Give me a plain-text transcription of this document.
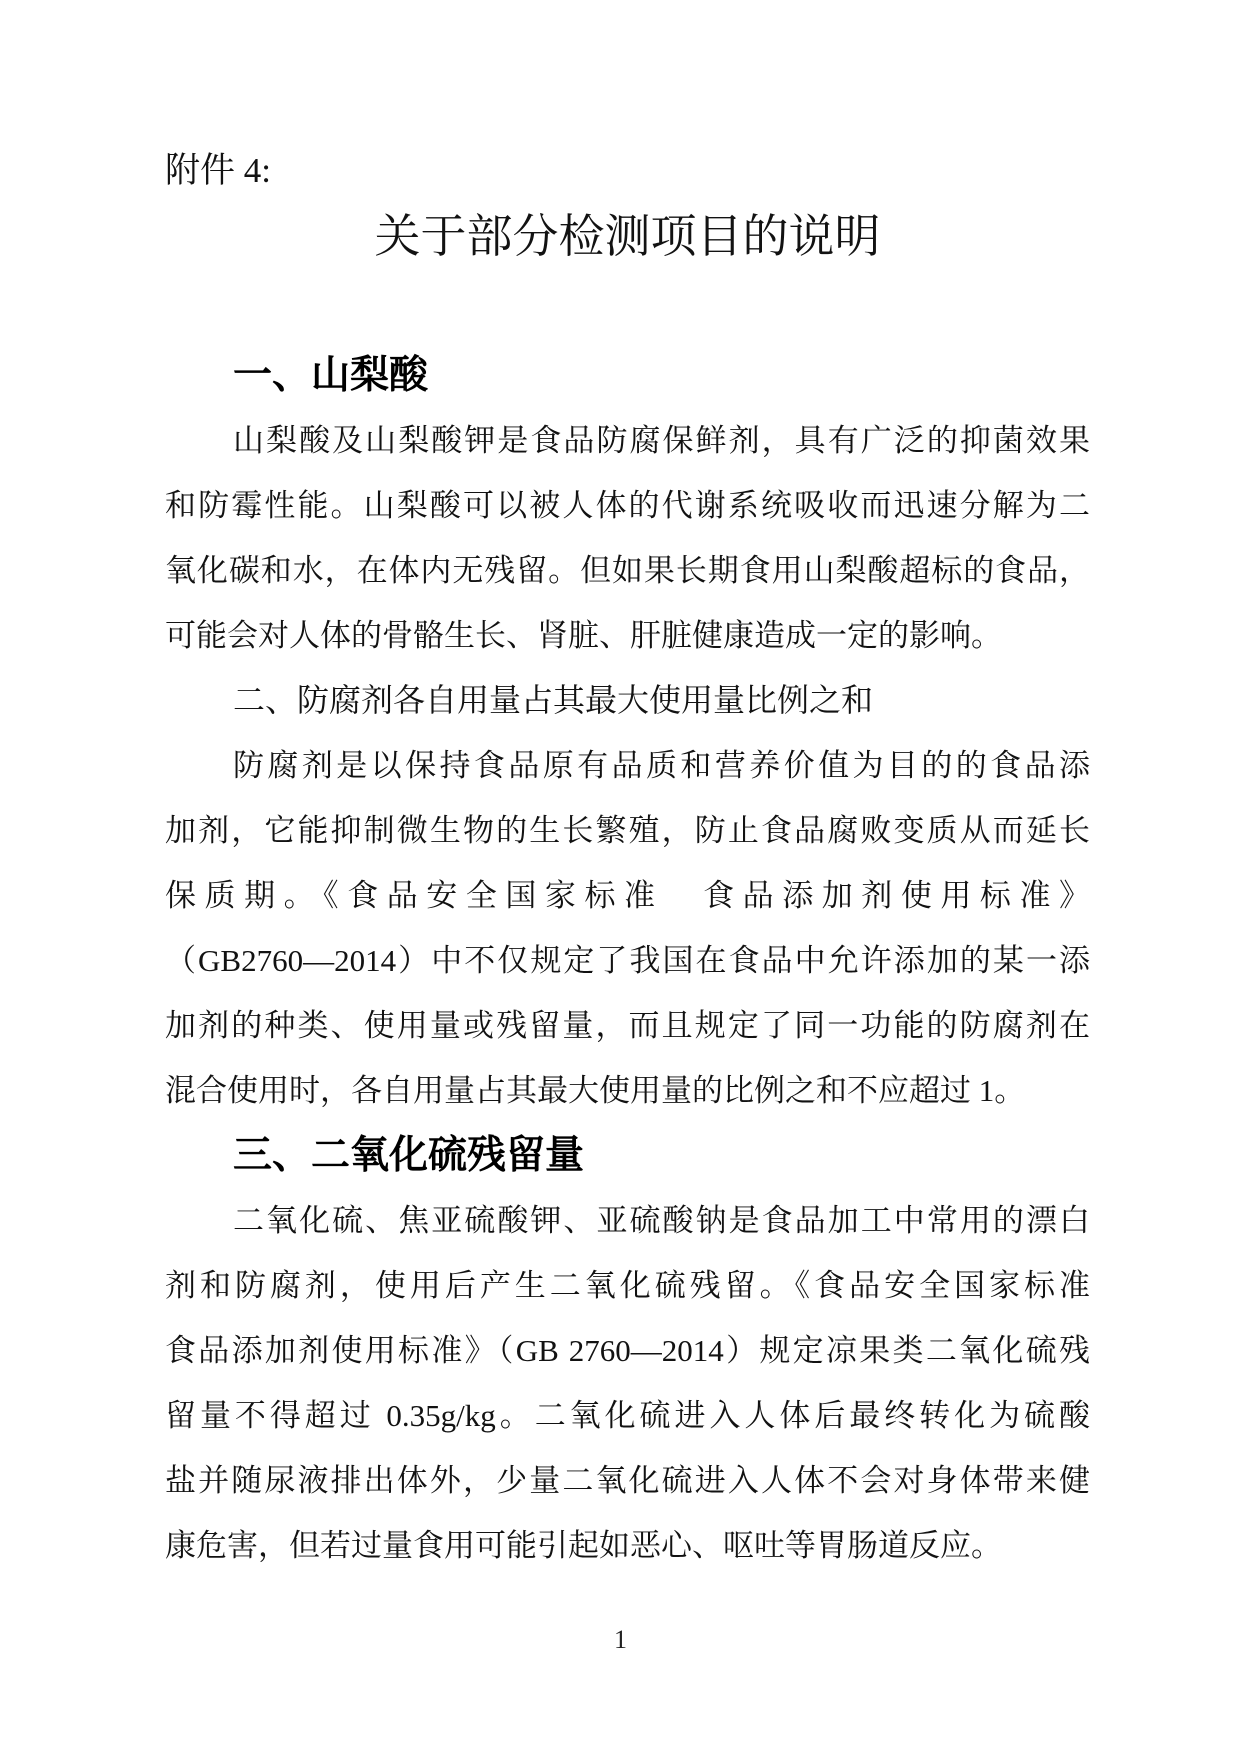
附件 4:
关于部分检测项目的说明
一、山梨酸
山梨酸及山梨酸钾是食品防腐保鲜剂，具有广泛的抑菌效果
和防霉性能。山梨酸可以被人体的代谢系统吸收而迅速分解为二
氧化碳和水，在体内无残留。但如果长期食用山梨酸超标的食品，
可能会对人体的骨骼生长、肾脏、肝脏健康造成一定的影响。
二、防腐剂各自用量占其最大使用量比例之和
防腐剂是以保持食品原有品质和营养价值为目的的食品添
加剂，它能抑制微生物的生长繁殖，防止食品腐败变质从而延长
保质期。《食品安全国家标准　食品添加剂使用标准》
（GB2760—2014）中不仅规定了我国在食品中允许添加的某一添
加剂的种类、使用量或残留量，而且规定了同一功能的防腐剂在
混合使用时，各自用量占其最大使用量的比例之和不应超过 1。
三、二氧化硫残留量
二氧化硫、焦亚硫酸钾、亚硫酸钠是食品加工中常用的漂白
剂和防腐剂，使用后产生二氧化硫残留。《食品安全国家标准
食品添加剂使用标准》（GB 2760—2014）规定凉果类二氧化硫残
留量不得超过 0.35g/kg。二氧化硫进入人体后最终转化为硫酸
盐并随尿液排出体外，少量二氧化硫进入人体不会对身体带来健
康危害，但若过量食用可能引起如恶心、呕吐等胃肠道反应。
1
